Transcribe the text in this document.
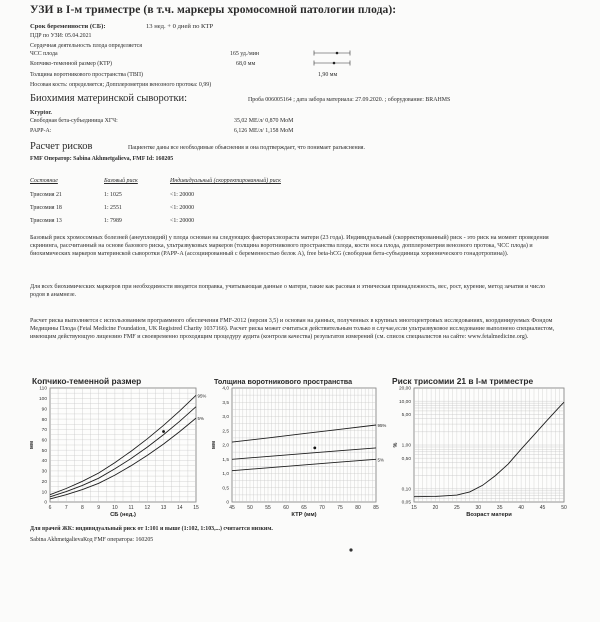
УЗИ в I-м триместре (в т.ч. маркеры хромосомной патологии плода):
Срок беременности (СБ):	13 нед. + 0 дней по КТР
ПДР по УЗИ: 05.04.2021
Сердечная деятельность плода определяется
ЧСС плода	165 уд./мин
Копчико-теменной размер (КТР)	68,0 мм
Толщина воротникового пространства (ТВП)	1,90 мм
Носовая кость: определяется; Допплерометрия венозного протока: 0,99)
Биохимия материнской сыворотки:	Проба 006005164 ; дата забора материала: 27.09.2020. ; оборудование: BRAHMS
Kryptor.
Свободная бета-субъединица ХГЧ:	35,02 МЕ/л/ 0,870 MoM
PAPP-A:	6,126 МЕ/л/ 1,158 MoM
Расчет рисков	Пациентке даны все необходимые объяснения и она подтверждает, что понимает разъяснения.
FMF Оператор: Sabina Akhmetgalieva, FMF Id: 160205
Состояние	Базовый риск	Индивидуальный (скорректированный) риск
Трисомия 21	1: 1025	<1: 20000
Трисомия 18	1: 2551	<1: 20000
Трисомия 13	1: 7989	<1: 20000
Базовый риск хромосомных болезней (анеуплоидий) у плода основан на следующих факторах:возраста матери (23 года). Индивидуальный (скорректированный) риск - это риск на момент проведения скрининга, рассчитанный на основе базового риска, ультразвуковых маркеров (толщина воротникового пространства плода, кости носа плода, допплерометрия венозного протока, ЧСС плода) и биохимических маркеров материнской сыворотки (PAPP-A (ассоциированный с беременностью белок А), free beta-hCG (свободная бета-субъединица хорионического гонадотропина)).
Для всех биохимических маркеров при необходимости вводятся поправка, учитывающая данные о матери, такие как расовая и этническая принадлежность, вес, рост, курение, метод зачатия и число родов в анамнезе.
Расчет риска выполняется с использованием программного обеспечения FMF-2012 (версия 3,5) и основан на данных, полученных в крупных многоцентровых исследованиях, координируемых Фондом Медицины Плода (Fetal Medicine Foundation, UK Registred Charity 1037166). Расчет риска может считаться действительным только в случае,если ультразвуковое исследование выполнено специалистом, имеющим действующую лицензию FMF и своевременно проходящим процедуру аудита (контроля качества) результатов измерений (см. список специалистов на сайте: www.fetalmedicine.org).
Копчико-теменной размер	Толщина воротникового пространства	Риск трисомии 21 в I-м триместре
6	7	8	9 10 11 12 13 14 15
0
10
20
30
40
50
60
70
80
90
100
110
СБ (нед.)
мм
95%
5%
45 50 55 60 65 70 75 80 85
0
0,5
1,0
1,5
2,0
2,5
3,0
3,5
4,0
КТР (мм)
мм
95%
5%
15	20	25	30	35	40	45	50
0,05
0,10
0,50
1,00
5,00
10,00
20,00
Возраст матери
%
Для врачей ЖК: индивидуальный риск от 1:101 и выше (1:102, 1:103,...) считается низким.
Sabina AkhmetgalievaКод FMF оператора: 160205
